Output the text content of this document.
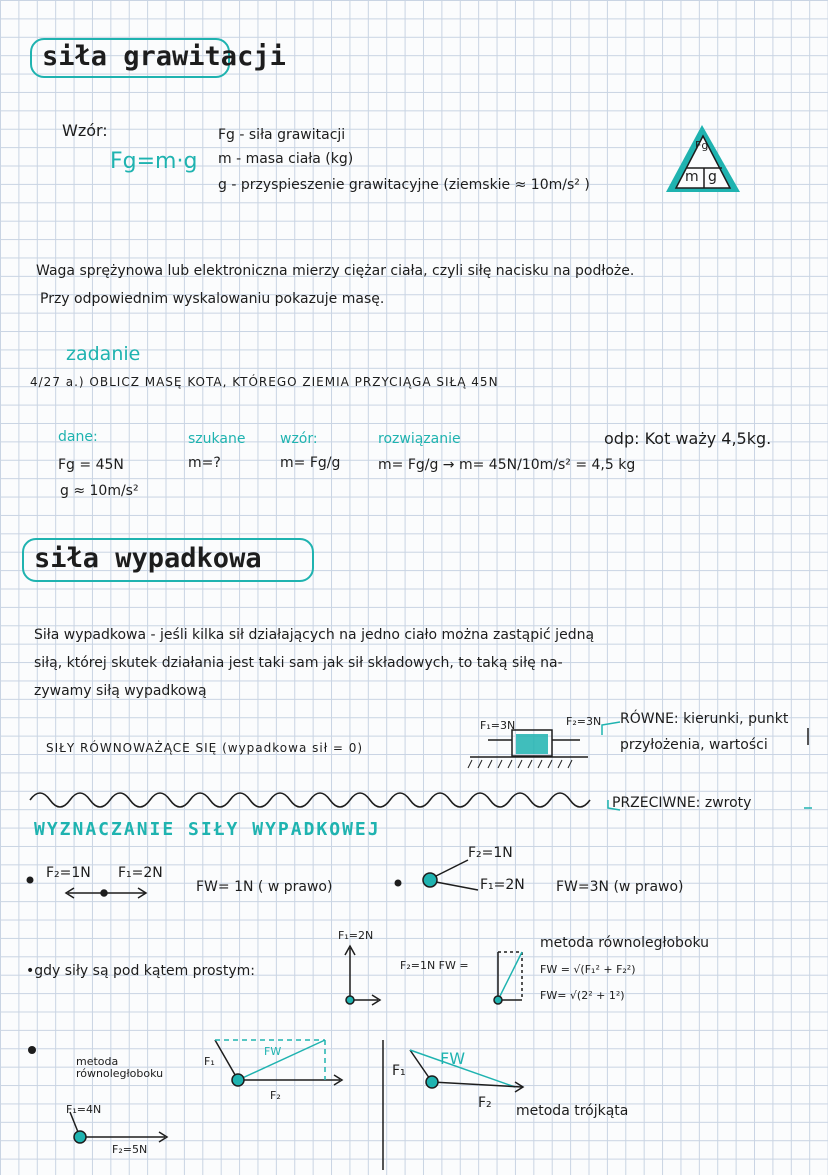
siła grawitacji
Wzór:
Fg=m·g
Fg - siła grawitacji
m - masa ciała (kg)
g - przyspieszenie grawitacyjne (ziemskie ≈ 10m/s² )
Fg
m g
Waga sprężynowa lub elektroniczna mierzy ciężar ciała, czyli siłę nacisku na podłoże.
Przy odpowiednim wyskalowaniu pokazuje masę.
zadanie
4/27 a.) OBLICZ MASĘ KOTA, KTÓREGO ZIEMIA PRZYCIĄGA SIŁĄ 45N
dane:
Fg = 45N
g ≈ 10m/s²
szukane
m=?
wzór:
m= Fg/g
rozwiązanie
m= Fg/g → m= 45N/10m/s² = 4,5 kg
odp: Kot waży 4,5kg.
siła wypadkowa
Siła wypadkowa - jeśli kilka sił działających na jedno ciało można zastąpić jedną
siłą, której skutek działania jest taki sam jak sił składowych, to taką siłę na-
zywamy siłą wypadkową
SIŁY RÓWNOWAŻĄCE SIĘ (wypadkowa sił = 0)
F₁=3N	F₂=3N RÓWNE: kierunki, punkt
przyłożenia, wartości
PRZECIWNE: zwroty
WYZNACZANIE SIŁY WYPADKOWEJ
F₂=1N F₁=2N
FW= 1N ( w prawo)
F₂=1N
F₁=2N FW=3N (w prawo)
•gdy siły są pod kątem prostym:
F₁=2N
F₂=1N FW =
metoda równoległoboku
FW = √(F₁² + F₂²)
FW= √(2² + 1²)
metoda równoległoboku
F₁
F₂
FW
F₁=4N
F₂=5N
F₁
FW
F₂ metoda trójkąta
